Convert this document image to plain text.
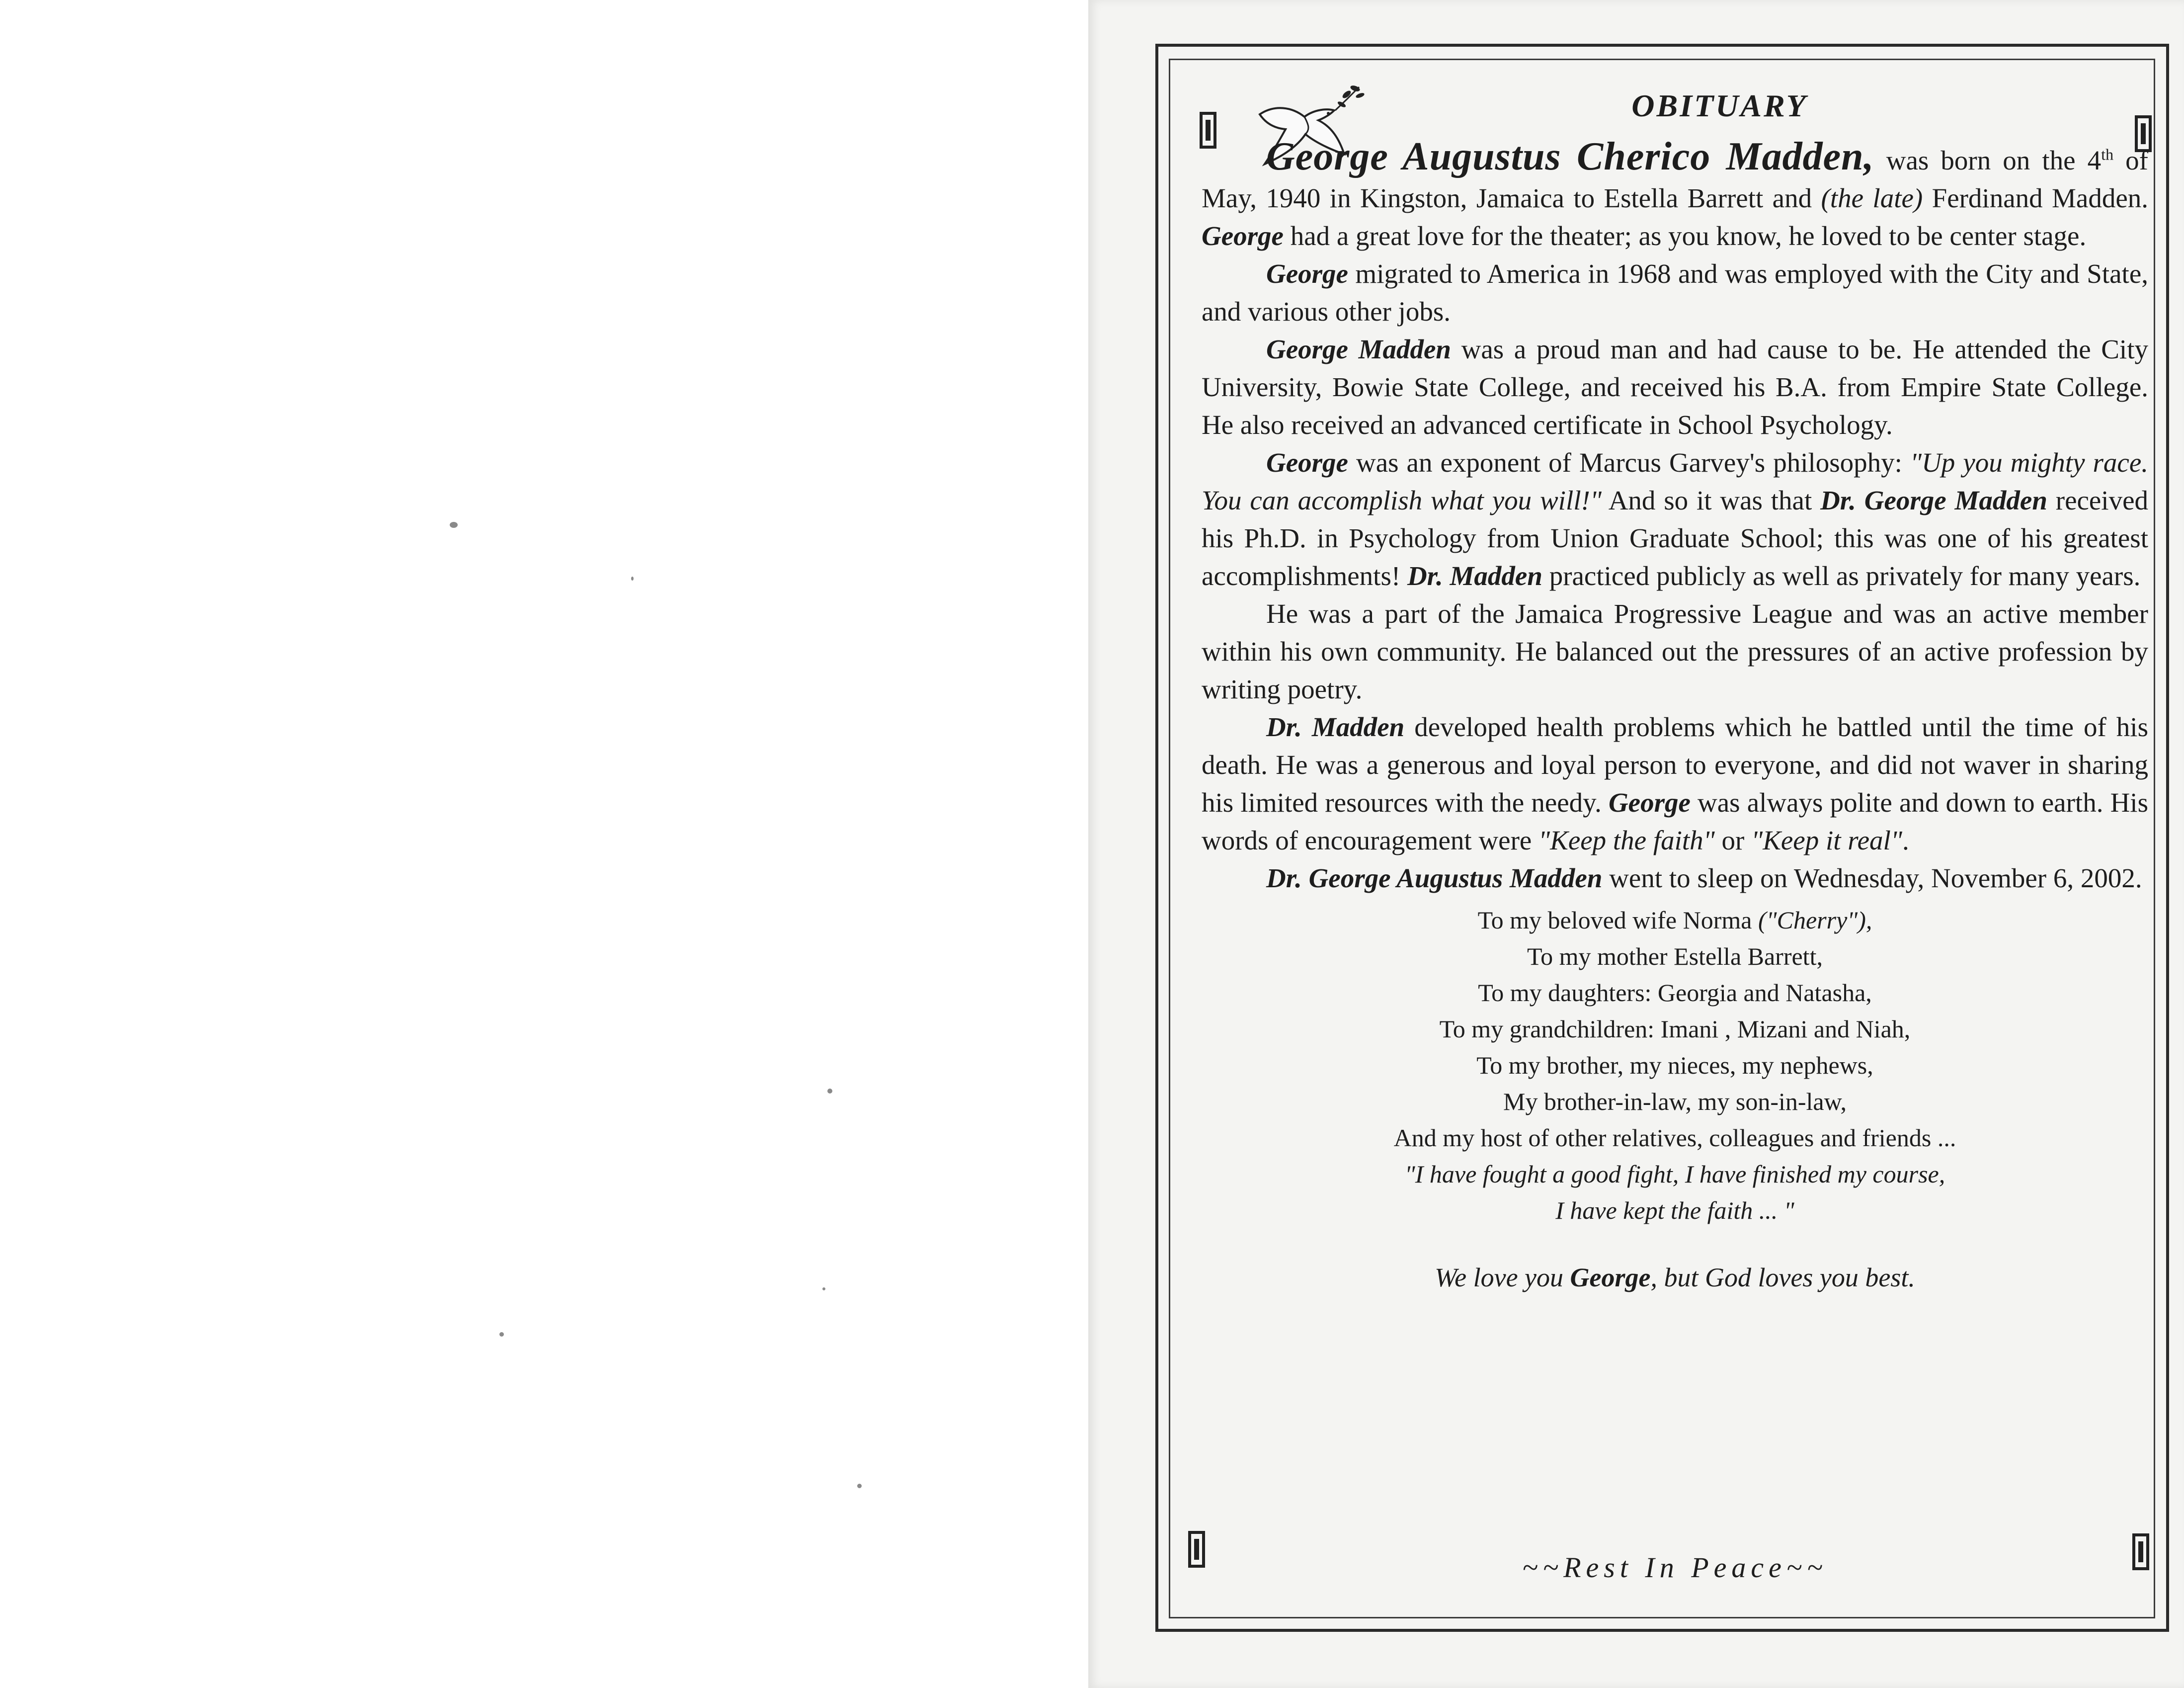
OBITUARY

George Augustus Cherico Madden, was born on the 4th of May, 1940 in Kingston, Jamaica to Estella Barrett and (the late) Ferdinand Madden. George had a great love for the theater; as you know, he loved to be center stage.

George migrated to America in 1968 and was employed with the City and State, and various other jobs.

George Madden was a proud man and had cause to be. He attended the City University, Bowie State College, and received his B.A. from Empire State College. He also received an advanced certificate in School Psychology.

George was an exponent of Marcus Garvey's philosophy: "Up you mighty race. You can accomplish what you will!" And so it was that Dr. George Madden received his Ph.D. in Psychology from Union Graduate School; this was one of his greatest accomplishments! Dr. Madden practiced publicly as well as privately for many years.

He was a part of the Jamaica Progressive League and was an active member within his own community. He balanced out the pressures of an active profession by writing poetry.

Dr. Madden developed health problems which he battled until the time of his death. He was a generous and loyal person to everyone, and did not waver in sharing his limited resources with the needy. George was always polite and down to earth. His words of encouragement were "Keep the faith" or "Keep it real".

Dr. George Augustus Madden went to sleep on Wednesday, November 6, 2002.

To my beloved wife Norma ("Cherry"),
To my mother Estella Barrett,
To my daughters: Georgia and Natasha,
To my grandchildren: Imani , Mizani and Niah,
To my brother, my nieces, my nephews,
My brother-in-law, my son-in-law,
And my host of other relatives, colleagues and friends ...
"I have fought a good fight, I have finished my course,
I have kept the faith ... "
We love you George, but God loves you best.
~~Rest In Peace~~
